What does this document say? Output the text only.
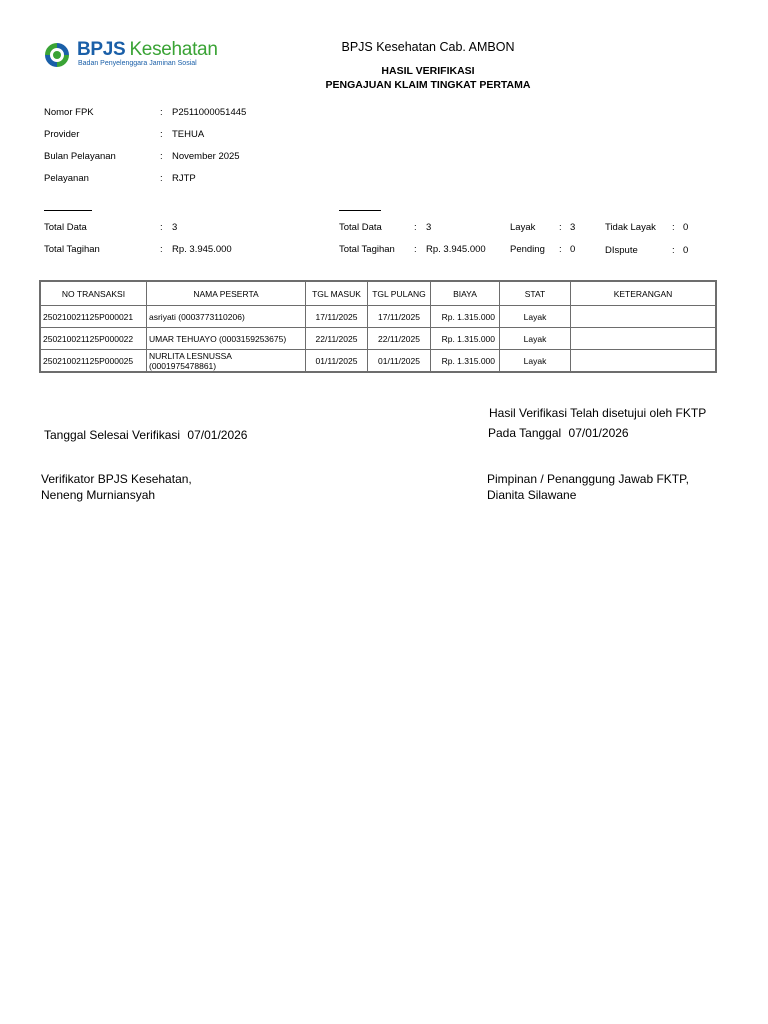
BPJS Kesehatan
Badan Penyelenggara Jaminan Sosial
BPJS Kesehatan Cab. AMBON
HASIL VERIFIKASI
PENGAJUAN KLAIM TINGKAT PERTAMA
Nomor FPK	: P2511000051445
Provider	: TEHUA
Bulan Pelayanan	: November 2025
Pelayanan	: RJTP
Total Data	: 3
Total Tagihan	: Rp. 3.945.000
Total Data	: 3
Total Tagihan : Rp. 3.945.000
Layak : 3
Pending : 0
Tidak Layak : 0
DIspute	: 0
NO TRANSAKSI	NAMA PESERTA	TGL MASUK	TGL PULANG	BIAYA	STAT	KETERANGAN
250210021125P000021	asriyati (0003773110206)	17/11/2025	17/11/2025	Rp. 1.315.000	Layak	
250210021125P000022	UMAR TEHUAYO (0003159253675)	22/11/2025	22/11/2025	Rp. 1.315.000	Layak	
250210021125P000025	NURLITA LESNUSSA
(0001975478861)	01/11/2025	01/11/2025	Rp. 1.315.000	Layak	
Hasil Verifikasi Telah disetujui oleh FKTP
Pada Tanggal 07/01/2026
Tanggal Selesai Verifikasi 07/01/2026
Verifikator BPJS Kesehatan,
Neneng Murniansyah
Pimpinan / Penanggung Jawab FKTP,
Dianita Silawane
